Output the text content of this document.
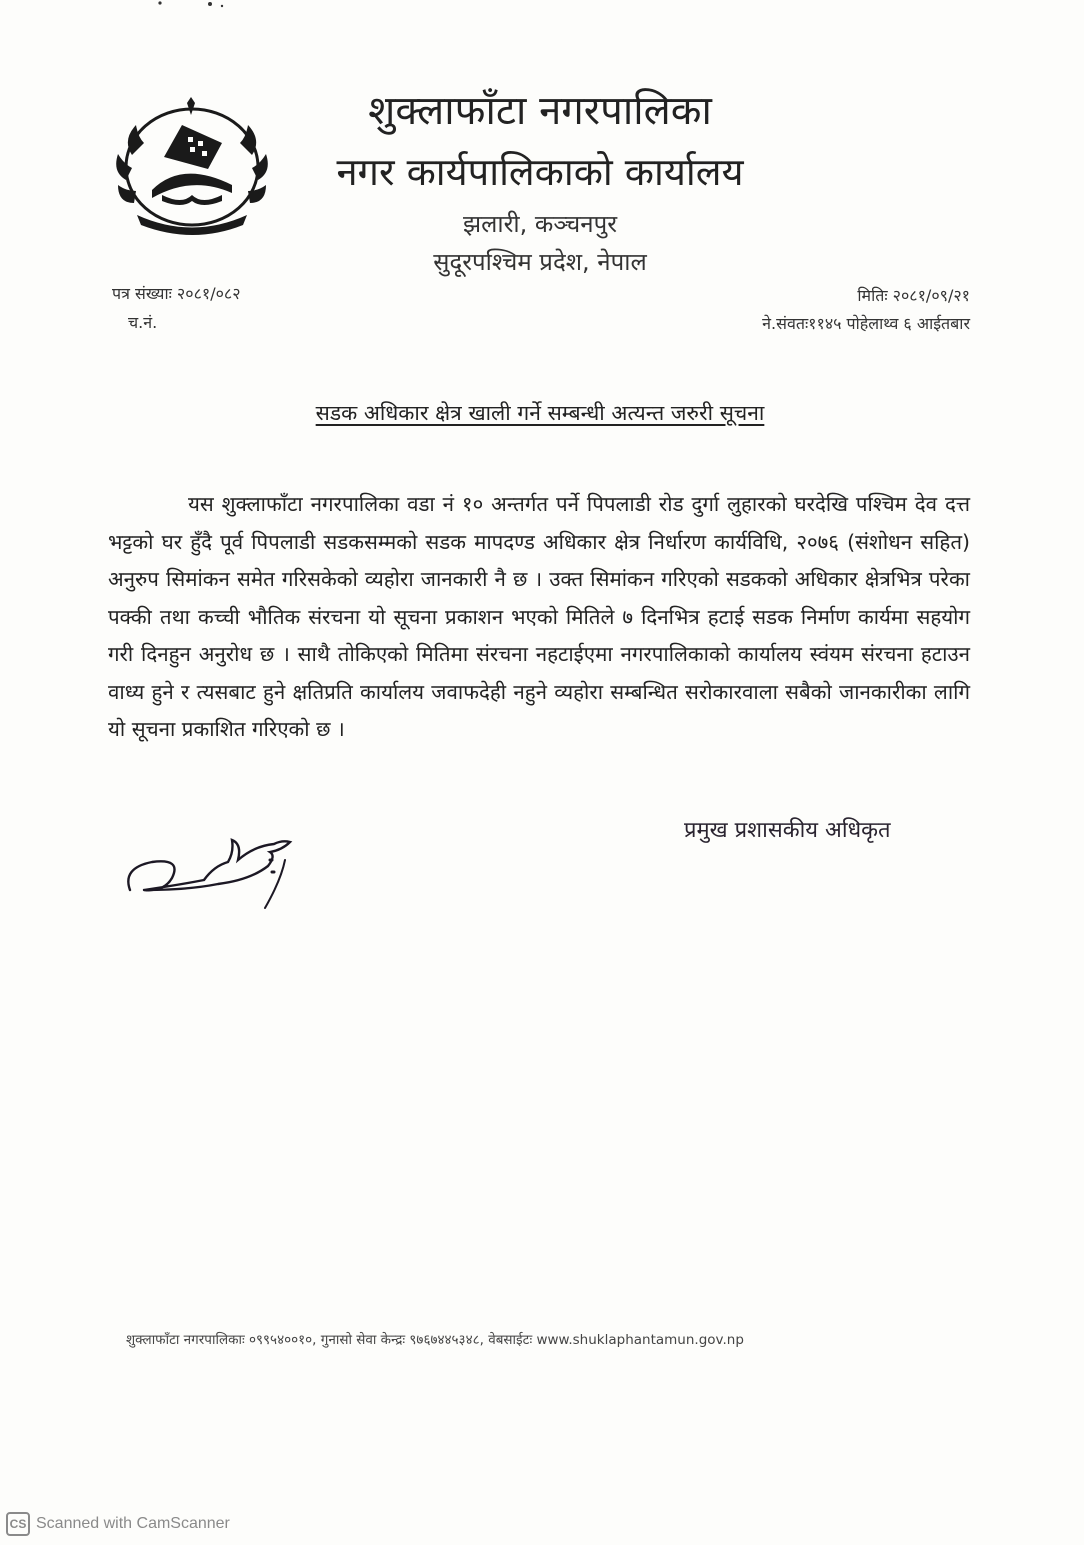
शुक्लाफाँटा नगरपालिका
नगर कार्यपालिकाको कार्यालय
झलारी, कञ्चनपुर
सुदूरपश्चिम प्रदेश, नेपाल
पत्र संख्याः २०८१/०८२
च.नं.
मितिः २०८१/०९/२१
ने.संवतः११४५ पोहेलाथ्व ६ आईतबार
सडक अधिकार क्षेत्र खाली गर्ने सम्बन्धी अत्यन्त जरुरी सूचना
यस शुक्लाफाँटा नगरपालिका वडा नं १० अन्तर्गत पर्ने पिपलाडी रोड दुर्गा लुहारको घरदेखि पश्चिम देव दत्त भट्टको घर हुँदै पूर्व पिपलाडी सडकसम्मको सडक मापदण्ड अधिकार क्षेत्र निर्धारण कार्यविधि, २०७६ (संशोधन सहित) अनुरुप सिमांकन समेत गरिसकेको व्यहोरा जानकारी नै छ । उक्त सिमांकन गरिएको सडकको अधिकार क्षेत्रभित्र परेका पक्की तथा कच्ची भौतिक संरचना यो सूचना प्रकाशन भएको मितिले ७ दिनभित्र हटाई सडक निर्माण कार्यमा सहयोग गरी दिनहुन अनुरोध छ । साथै तोकिएको मितिमा संरचना नहटाईएमा नगरपालिकाको कार्यालय स्वंयम संरचना हटाउन वाध्य हुने र त्यसबाट हुने क्षतिप्रति कार्यालय जवाफदेही नहुने व्यहोरा सम्बन्धित सरोकारवाला सबैको जानकारीका लागि यो सूचना प्रकाशित गरिएको छ ।
प्रमुख प्रशासकीय अधिकृत
शुक्लाफाँटा नगरपालिकाः ०९९५४००१०, गुनासो सेवा केन्द्रः ९७६७४४५३४८, वेबसाईटः www.shuklaphantamun.gov.np
CS Scanned with CamScanner
